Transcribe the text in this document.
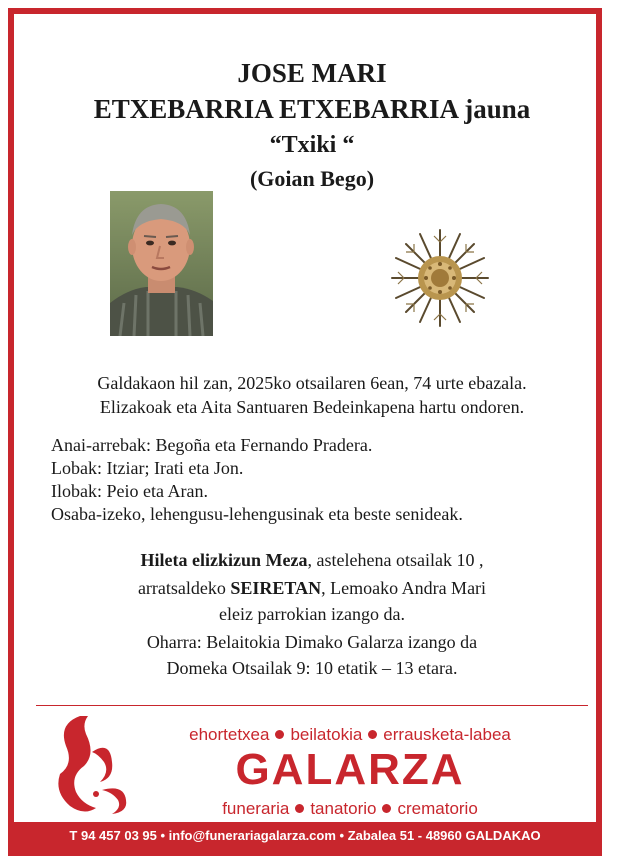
JOSE MARI
ETXEBARRIA ETXEBARRIA jauna
“Txiki “
(Goian Bego)
Galdakaon hil zan, 2025ko otsailaren 6ean, 74 urte ebazala.
Elizakoak eta Aita Santuaren Bedeinkapena hartu ondoren.
Anai-arrebak: Begoña eta Fernando Pradera.
Lobak: Itziar; Irati eta Jon.
Ilobak: Peio eta Aran.
Osaba-izeko, lehengusu-lehengusinak eta beste senideak.
Hileta elizkizun Meza, astelehena otsailak 10 ,
arratsaldeko SEIRETAN, Lemoako Andra Mari
eleiz parrokian izango da.
Oharra: Belaitokia Dimako Galarza izango da
Domeka Otsailak 9: 10 etatik – 13 etara.
ehortetxea beilatokia errausketa-labea
GALARZA
funeraria tanatorio crematorio
T 94 457 03 95 • info@funerariagalarza.com • Zabalea 51 - 48960 GALDAKAO
